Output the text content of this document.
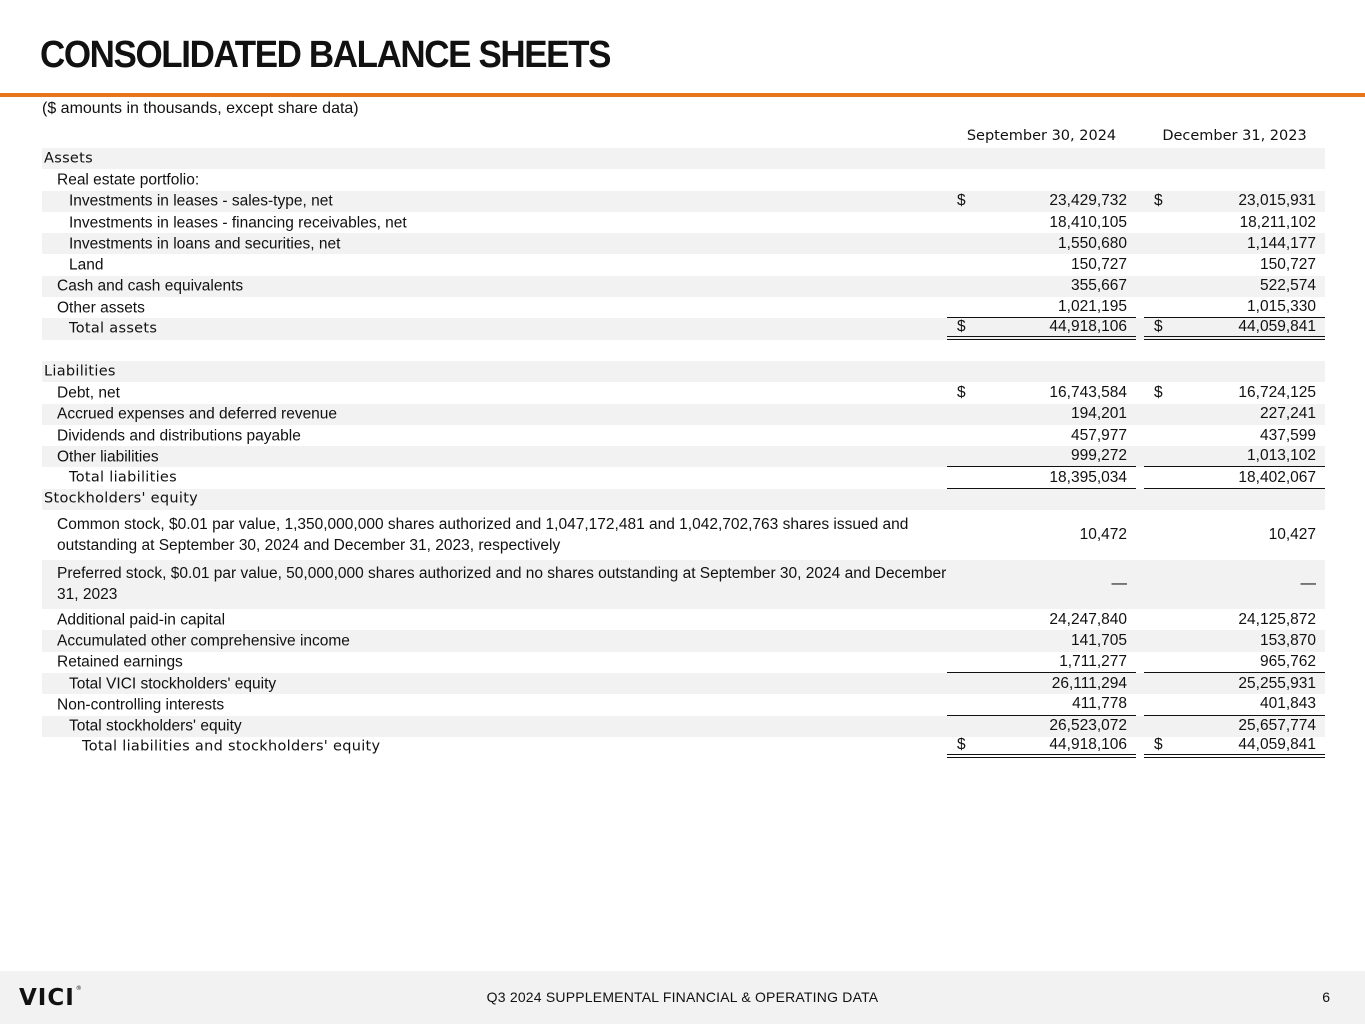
CONSOLIDATED BALANCE SHEETS
($ amounts in thousands, except share data)
September 30, 2024	December 31, 2023
Assets
Real estate portfolio:
Investments in leases - sales-type, net	$	23,429,732 $	23,015,931
Investments in leases - financing receivables, net	18,410,105	18,211,102
Investments in loans and securities, net	1,550,680	1,144,177
Land	150,727	150,727
Cash and cash equivalents	355,667	522,574
Other assets	1,021,195	1,015,330
Total assets	$	44,918,106 $	44,059,841
Liabilities
Debt, net	$	16,743,584 $	16,724,125
Accrued expenses and deferred revenue	194,201	227,241
Dividends and distributions payable	457,977	437,599
Other liabilities	999,272	1,013,102
Total liabilities	18,395,034	18,402,067
Stockholders' equity
Common stock, $0.01 par value, 1,350,000,000 shares authorized and 1,047,172,481 and 1,042,702,763 shares issued and outstanding at September 30, 2024 and December 31, 2023, respectively
10,472	10,427
Preferred stock, $0.01 par value, 50,000,000 shares authorized and no shares outstanding at September 30, 2024 and December 31, 2023
—	—
Additional paid-in capital	24,247,840	24,125,872
Accumulated other comprehensive income	141,705	153,870
Retained earnings	1,711,277	965,762
Total VICI stockholders' equity	26,111,294	25,255,931
Non-controlling interests	411,778	401,843
Total stockholders' equity	26,523,072	25,657,774
Total liabilities and stockholders' equity	$	44,918,106 $	44,059,841
VICI®
Q3 2024 SUPPLEMENTAL FINANCIAL & OPERATING DATA	6
